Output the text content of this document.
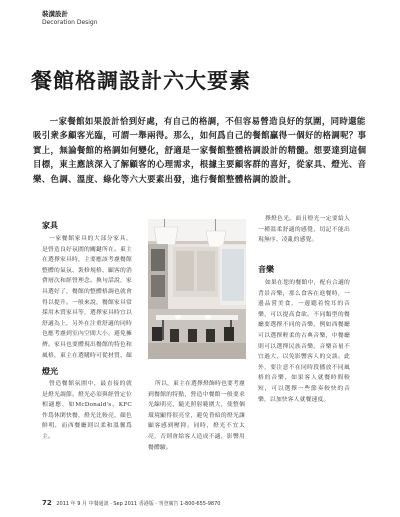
裝潢設計
Decoration Design
餐館格調設計六大要素
一家餐館如果設計恰到好處，有自己的格調，不但容易營造良好的氛圍，同時還能吸引衆多顧客光臨，可謂一舉兩得。那么，如何爲自己的餐館贏得一個好的格調呢？事實上，無論餐館的格調如何變化，舒適是一家餐館整體格調設計的精髓。想要達到這個目標，東主應該深入了解顧客的心理需求，根據主要顧客群的喜好，從家具、燈光、音樂、色調、溫度、綠化等六大要素出發，進行餐館整體格調的設計。
家具
一家餐館家具的大部分家具，是營造良好氛圍的關鍵所在。東主在選擇家具時，主要應該考慮餐館整體的氣氛、裝修規格、顧客的消費層次和經營理念。換句話說，家具選好了，餐館的整體格調也就會得以提升。一般來說，餐館家具常採用木質家具等，選擇家具時宜以舒適為上，另外在注重舒適的同時也應考慮到室內空間大小，避免擁擠。家具也要體現出餐館的特色和風格，東主在選購時可從材質、顏
燈光
營造餐館氛圍中，最直接的就是燈光調節。燈光必須與經營定位相適應，如McDonald's、KFC 作爲休閑快餐，燈光比較亮，顏色鮮明，而西餐廳則以柔和溫馨爲主。
所以，東主在選擇燈飾時也要考慮到餐館的特點，營造中餐館一般要求光線明亮，隨光照射範圍大，使整個環境顯得很亮堂，避免昏暗的燈光讓顧客感到壓抑。同時，燈光不宜太亮，否則會給客人造成不適，影響用餐體驗。
擇燈色光。面且燈光一定要給人一種溫柔舒適的感覺，切記不能出現無序、凌亂的感覺。
音樂
如果在您的餐館中，配有合適的背景音樂，那么食客在進餐時，一邊品嘗美食，一邊聽着悅耳的音樂，可以提高食欲。不同類型的餐廳要選擇不同的音樂，例如西餐廳可以選擇輕柔的古典音樂，中餐廳則可以選擇民族音樂。音樂音量不宜過大，以免影響客人的交談。此外，要注意不在同時段播放不同風格的音樂，如果客人就餐時間較短，可以選擇一些節奏較快的音樂，以加快客人就餐速度。
72 2011 年 9 月 中餐通訊 · Sep 2011 香港版 · 刊登廣告 1-800-655-9870
